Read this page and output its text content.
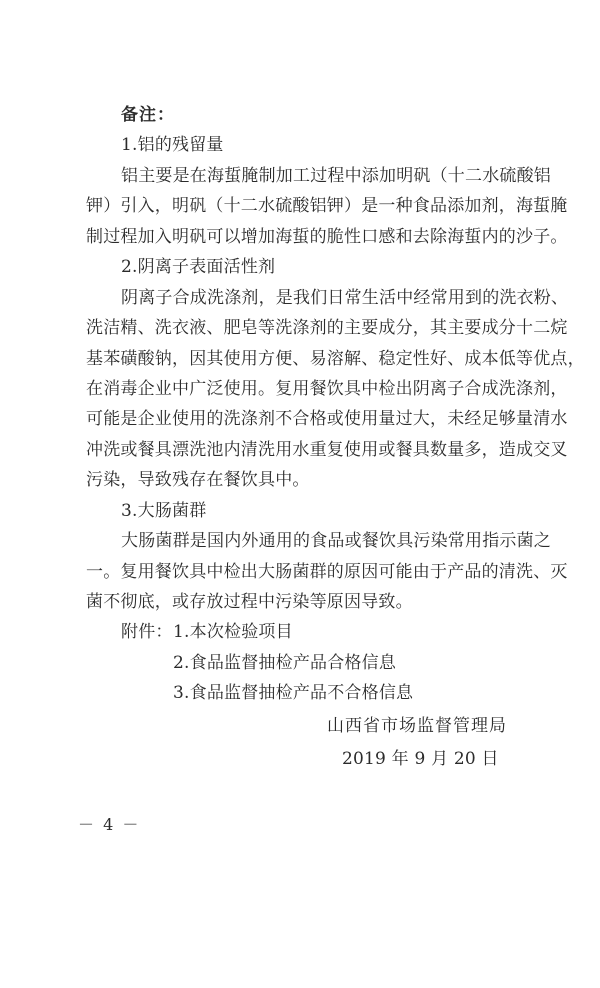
备注：
1.铝的残留量
铝主要是在海蜇腌制加工过程中添加明矾（十二水硫酸铝
钾）引入，明矾（十二水硫酸铝钾）是一种食品添加剂，海蜇腌
制过程加入明矾可以增加海蜇的脆性口感和去除海蜇内的沙子。
2.阴离子表面活性剂
阴离子合成洗涤剂，是我们日常生活中经常用到的洗衣粉、
洗洁精、洗衣液、肥皂等洗涤剂的主要成分，其主要成分十二烷
基苯磺酸钠，因其使用方便、易溶解、稳定性好、成本低等优点，
在消毒企业中广泛使用。复用餐饮具中检出阴离子合成洗涤剂，
可能是企业使用的洗涤剂不合格或使用量过大，未经足够量清水
冲洗或餐具漂洗池内清洗用水重复使用或餐具数量多，造成交叉
污染，导致残存在餐饮具中。
3.大肠菌群
大肠菌群是国内外通用的食品或餐饮具污染常用指示菌之
一。复用餐饮具中检出大肠菌群的原因可能由于产品的清洗、灭
菌不彻底，或存放过程中污染等原因导致。
附件： 1.本次检验项目
2.食品监督抽检产品合格信息
3.食品监督抽检产品不合格信息
山西省市场监督管理局
2019 年 9 月 20 日
－ 4 －
